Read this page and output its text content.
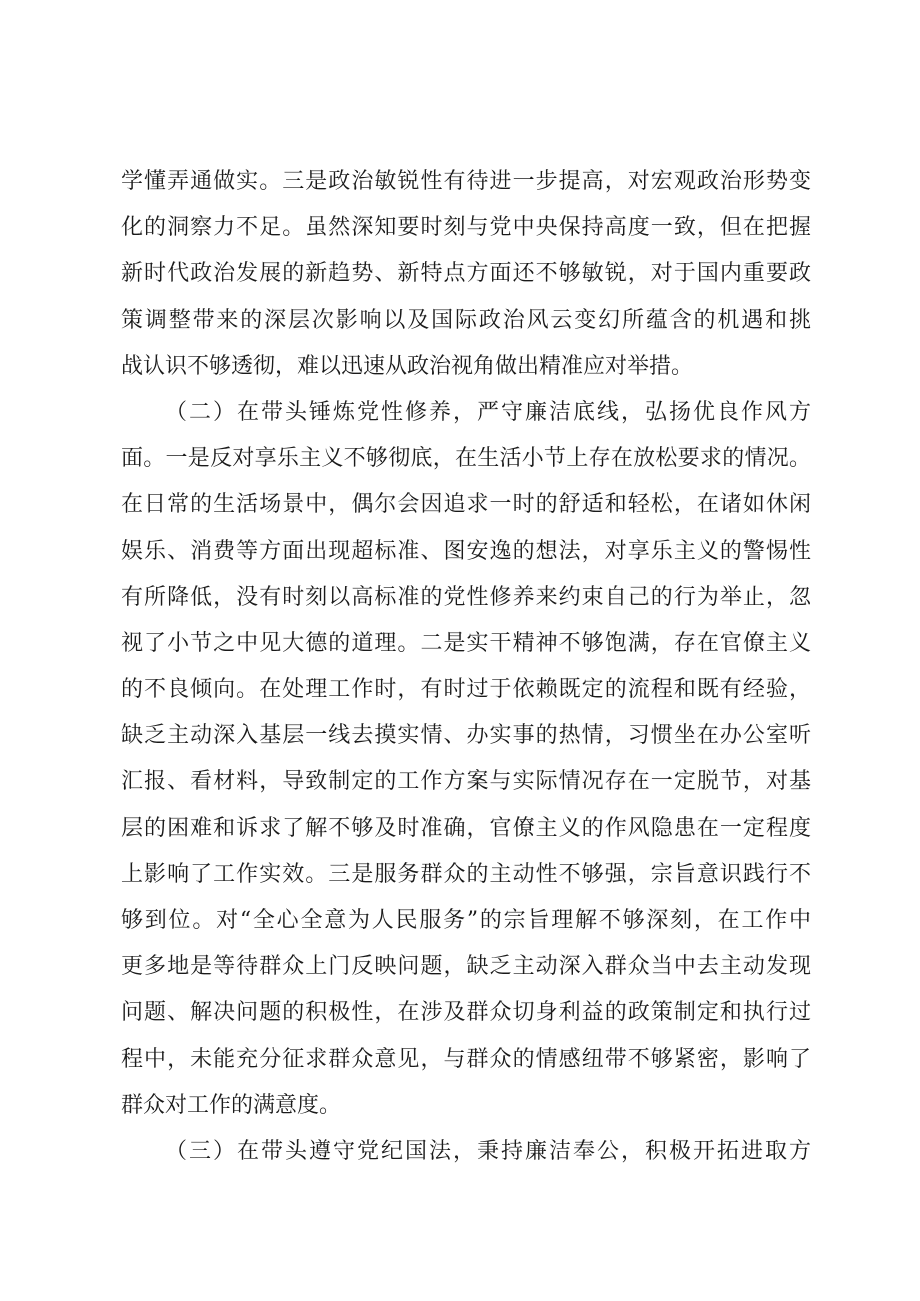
学懂弄通做实。三是政治敏锐性有待进一步提高，对宏观政治形势变
化的洞察力不足。虽然深知要时刻与党中央保持高度一致，但在把握
新时代政治发展的新趋势、新特点方面还不够敏锐，对于国内重要政
策调整带来的深层次影响以及国际政治风云变幻所蕴含的机遇和挑
战认识不够透彻，难以迅速从政治视角做出精准应对举措。
（二）在带头锤炼党性修养，严守廉洁底线，弘扬优良作风方
面。一是反对享乐主义不够彻底，在生活小节上存在放松要求的情况。
在日常的生活场景中，偶尔会因追求一时的舒适和轻松，在诸如休闲
娱乐、消费等方面出现超标准、图安逸的想法，对享乐主义的警惕性
有所降低，没有时刻以高标准的党性修养来约束自己的行为举止，忽
视了小节之中见大德的道理。二是实干精神不够饱满，存在官僚主义
的不良倾向。在处理工作时，有时过于依赖既定的流程和既有经验，
缺乏主动深入基层一线去摸实情、办实事的热情，习惯坐在办公室听
汇报、看材料，导致制定的工作方案与实际情况存在一定脱节，对基
层的困难和诉求了解不够及时准确，官僚主义的作风隐患在一定程度
上影响了工作实效。三是服务群众的主动性不够强，宗旨意识践行不
够到位。对“全心全意为人民服务”的宗旨理解不够深刻，在工作中
更多地是等待群众上门反映问题，缺乏主动深入群众当中去主动发现
问题、解决问题的积极性，在涉及群众切身利益的政策制定和执行过
程中，未能充分征求群众意见，与群众的情感纽带不够紧密，影响了
群众对工作的满意度。
（三）在带头遵守党纪国法，秉持廉洁奉公，积极开拓进取方
